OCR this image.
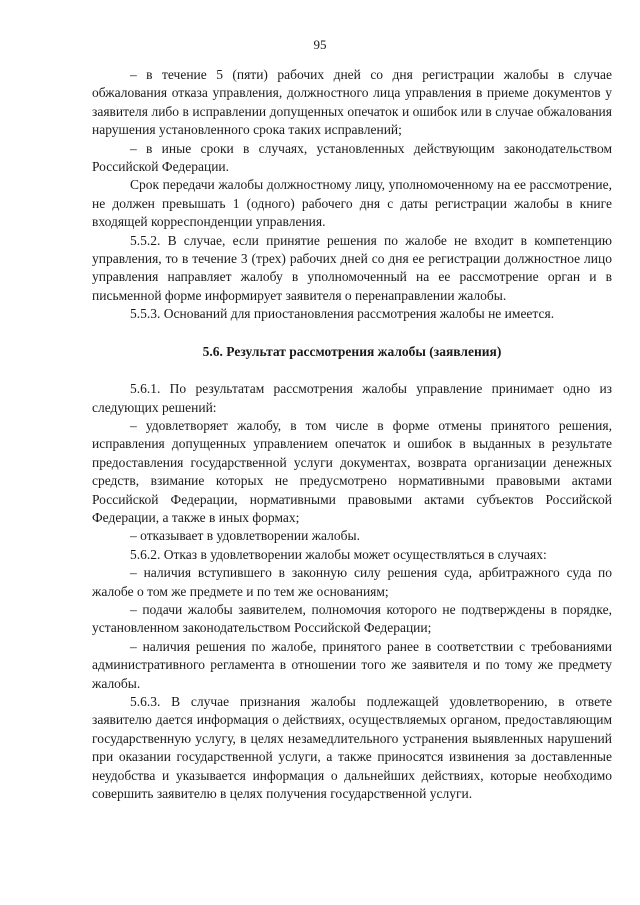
95

– в течение 5 (пяти) рабочих дней со дня регистрации жалобы в случае обжалования отказа управления, должностного лица управления в приеме документов у заявителя либо в исправлении допущенных опечаток и ошибок или в случае обжалования нарушения установленного срока таких исправлений;

– в иные сроки в случаях, установленных действующим законодательством Российской Федерации.

Срок передачи жалобы должностному лицу, уполномоченному на ее рассмотрение, не должен превышать 1 (одного) рабочего дня с даты регистрации жалобы в книге входящей корреспонденции управления.

5.5.2. В случае, если принятие решения по жалобе не входит в компетенцию управления, то в течение 3 (трех) рабочих дней со дня ее регистрации должностное лицо управления направляет жалобу в уполномоченный на ее рассмотрение орган и в письменной форме информирует заявителя о перенаправлении жалобы.

5.5.3. Оснований для приостановления рассмотрения жалобы не имеется.

5.6. Результат рассмотрения жалобы (заявления)

5.6.1. По результатам рассмотрения жалобы управление принимает одно из следующих решений:

– удовлетворяет жалобу, в том числе в форме отмены принятого решения, исправления допущенных управлением опечаток и ошибок в выданных в результате предоставления государственной услуги документах, возврата организации денежных средств, взимание которых не предусмотрено нормативными правовыми актами Российской Федерации, нормативными правовыми актами субъектов Российской Федерации, а также в иных формах;

– отказывает в удовлетворении жалобы.

5.6.2. Отказ в удовлетворении жалобы может осуществляться в случаях:

– наличия вступившего в законную силу решения суда, арбитражного суда по жалобе о том же предмете и по тем же основаниям;

– подачи жалобы заявителем, полномочия которого не подтверждены в порядке, установленном законодательством Российской Федерации;

– наличия решения по жалобе, принятого ранее в соответствии с требованиями административного регламента в отношении того же заявителя и по тому же предмету жалобы.

5.6.3. В случае признания жалобы подлежащей удовлетворению, в ответе заявителю дается информация о действиях, осуществляемых органом, предоставляющим государственную услугу, в целях незамедлительного устранения выявленных нарушений при оказании государственной услуги, а также приносятся извинения за доставленные неудобства и указывается информация о дальнейших действиях, которые необходимо совершить заявителю в целях получения государственной услуги.
